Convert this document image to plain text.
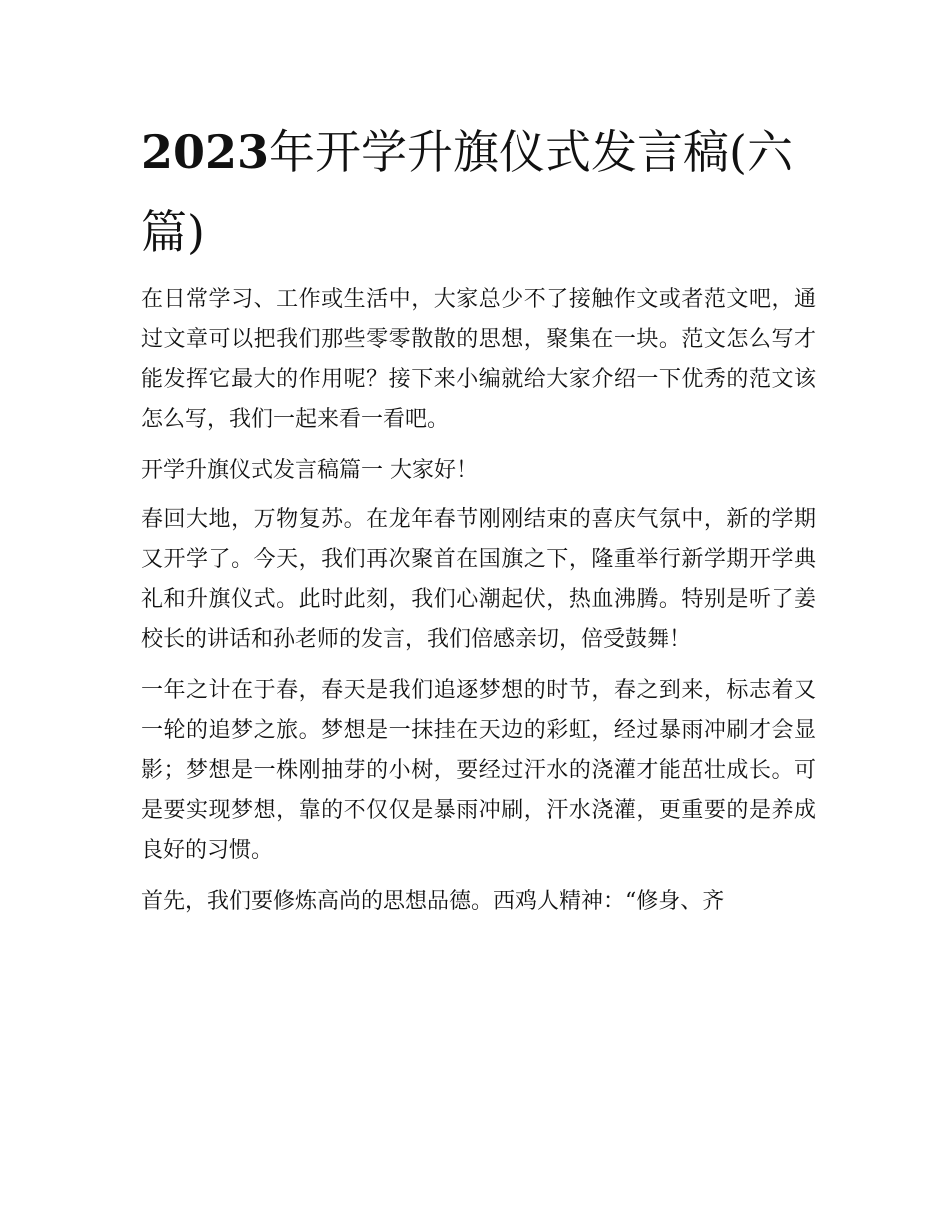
2023年开学升旗仪式发言稿(六篇)

在日常学习、工作或生活中，大家总少不了接触作文或者范文吧，通过文章可以把我们那些零零散散的思想，聚集在一块。范文怎么写才能发挥它最大的作用呢？接下来小编就给大家介绍一下优秀的范文该怎么写，我们一起来看一看吧。

开学升旗仪式发言稿篇一 大家好！

春回大地，万物复苏。在龙年春节刚刚结束的喜庆气氛中，新的学期又开学了。今天，我们再次聚首在国旗之下，隆重举行新学期开学典礼和升旗仪式。此时此刻，我们心潮起伏，热血沸腾。特别是听了姜校长的讲话和孙老师的发言，我们倍感亲切，倍受鼓舞！

一年之计在于春，春天是我们追逐梦想的时节，春之到来，标志着又一轮的追梦之旅。梦想是一抹挂在天边的彩虹，经过暴雨冲刷才会显影；梦想是一株刚抽芽的小树，要经过汗水的浇灌才能茁壮成长。可是要实现梦想，靠的不仅仅是暴雨冲刷，汗水浇灌，更重要的是养成良好的习惯。

首先，我们要修炼高尚的思想品德。西鸡人精神：“修身、齐
